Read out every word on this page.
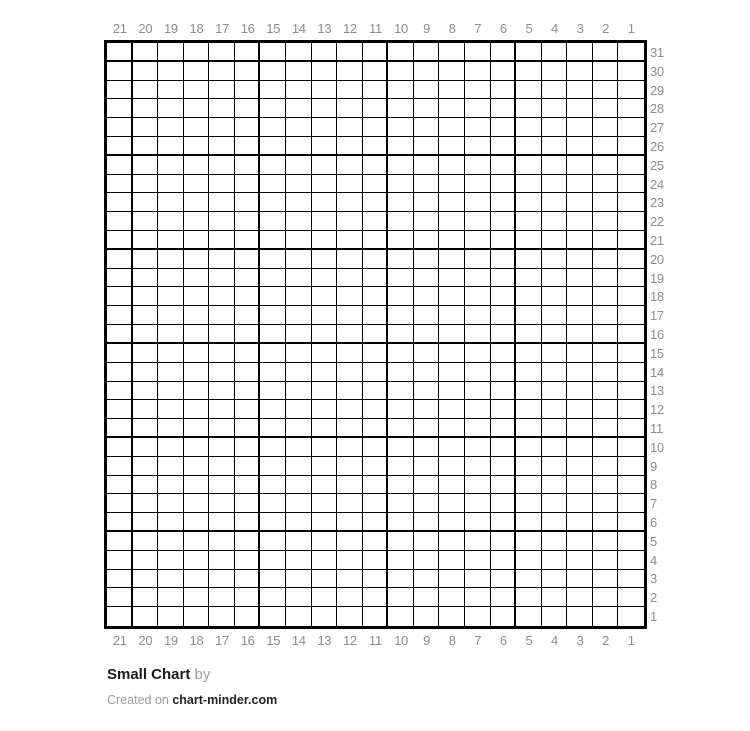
21 20 19 18 17 16 15 14 13 12 11 10	9	8	7	6	5	4	3	2	1
31
30
29
28
27
26
25
24
23
22
21
20
19
18
17
16
15
14
13
12
11
10
9
8
7
6
5
4
3
2
1
21 20 19 18 17 16 15 14 13 12 11 10	9	8	7	6	5	4	3	2	1
Small Chart by
Created on chart-minder.com
